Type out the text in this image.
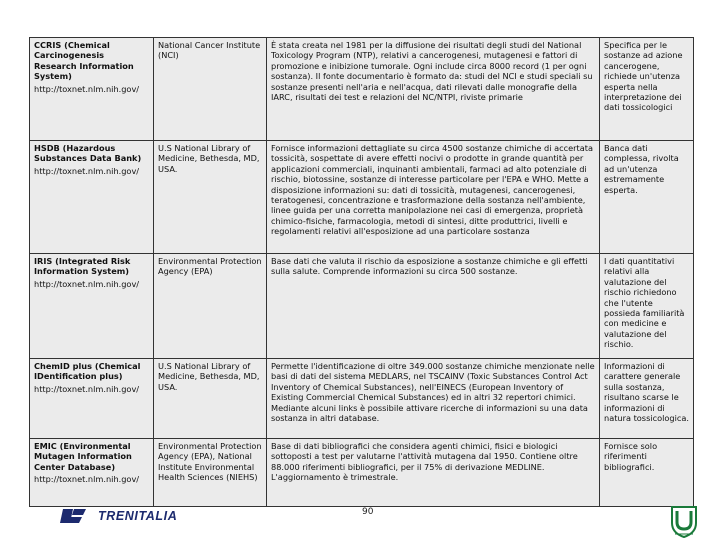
CCRIS (Chemical Carcinogenesis Research Information System)
http://toxnet.nlm.nih.gov/	National Cancer Institute (NCI)	È stata creata nel 1981 per la diffusione dei risultati degli studi del National Toxicology Program (NTP), relativi a cancerogenesi, mutagenesi e fattori di promozione e inibizione tumorale. Ogni include circa 8000 record (1 per ogni sostanza). Il fonte documentario è formato da: studi del NCI e studi speciali su sostanze presenti nell'aria e nell'acqua, dati rilevati dalle monografie della IARC, risultati dei test e relazioni del NC/NTPI, riviste primarie	Specifica per le sostanze ad azione cancerogene, richiede un'utenza esperta nella interpretazione dei dati tossicologici

HSDB (Hazardous Substances Data Bank)
http://toxnet.nlm.nih.gov/	U.S National Library of Medicine, Bethesda, MD, USA.	Fornisce informazioni dettagliate su circa 4500 sostanze chimiche di accertata tossicità, sospettate di avere effetti nocivi o prodotte in grande quantità per applicazioni commerciali, inquinanti ambientali, farmaci ad alto potenziale di rischio, biotossine, sostanze di interesse particolare per l'EPA e WHO. Mette a disposizione informazioni su: dati di tossicità, mutagenesi, cancerogenesi, teratogenesi, concentrazione e trasformazione della sostanza nell'ambiente, linee guida per una corretta manipolazione nei casi di emergenza, proprietà chimico-fisiche, farmacologia, metodi di sintesi, ditte produttrici, livelli e regolamenti relativi all'esposizione ad una particolare sostanza	Banca dati complessa, rivolta ad un'utenza estremamente esperta.

IRIS (Integrated Risk Information System)
http://toxnet.nlm.nih.gov/	Environmental Protection Agency (EPA)	Base dati che valuta il rischio da esposizione a sostanze chimiche e gli effetti sulla salute. Comprende informazioni su circa 500 sostanze.	I dati quantitativi relativi alla valutazione del rischio richiedono che l'utente possieda familiarità con medicine e valutazione del rischio.

ChemID plus (Chemical IDentification plus)
http://toxnet.nlm.nih.gov/	U.S National Library of Medicine, Bethesda, MD, USA.	Permette l'identificazione di oltre 349.000 sostanze chimiche menzionate nelle basi di dati del sistema MEDLARS, nel TSCAINV (Toxic Substances Control Act Inventory of Chemical Substances), nell'EINECS (European Inventory of Existing Commercial Chemical Substances) ed in altri 32 repertori chimici. Mediante alcuni links è possibile attivare ricerche di informazioni su una data sostanza in altri database.	Informazioni di carattere generale sulla sostanza, risultano scarse le informazioni di natura tossicologica.

EMIC (Environmental Mutagen Information Center Database)
http://toxnet.nlm.nih.gov/	Environmental Protection Agency (EPA), National Institute Environmental Health Sciences (NIEHS)	Base di dati bibliografici che considera agenti chimici, fisici e biologici sottoposti a test per valutarne l'attività mutagena dal 1950. Contiene oltre 88.000 riferimenti bibliografici, per il 75% di derivazione MEDLINE. L'aggiornamento è trimestrale.	Fornisce solo riferimenti bibliografici.
TRENITALIA	90
